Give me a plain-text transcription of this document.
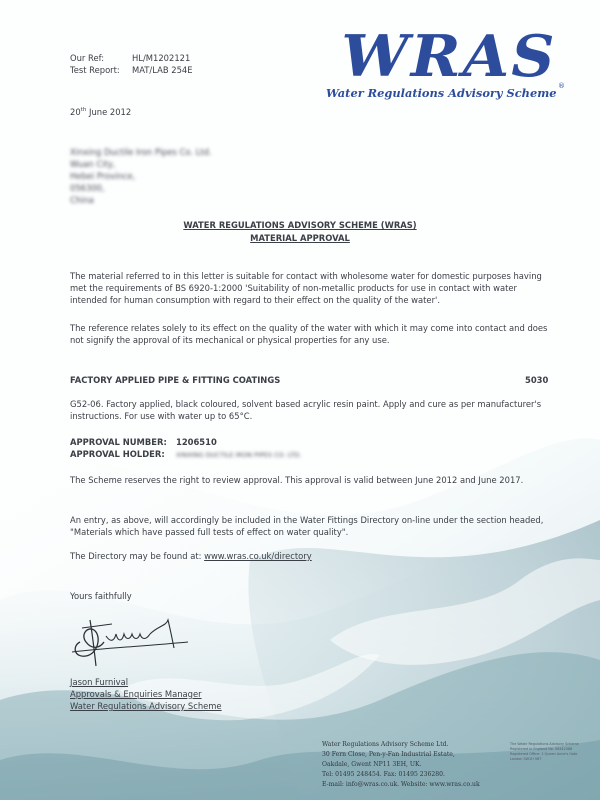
Our Ref:	HL/M1202121
Test Report: MAT/LAB 254E
20th June 2012
WRAS ®
Water Regulations Advisory Scheme
Xinxing Ductile Iron Pipes Co. Ltd.
Wuan City,
Hebei Province,
056300,
China
WATER REGULATIONS ADVISORY SCHEME (WRAS)
MATERIAL APPROVAL
The material referred to in this letter is suitable for contact with wholesome water for domestic purposes having met the requirements of BS 6920-1:2000 'Suitability of non-metallic products for use in contact with water intended for human consumption with regard to their effect on the quality of the water'.
The reference relates solely to its effect on the quality of the water with which it may come into contact and does not signify the approval of its mechanical or physical properties for any use.
FACTORY APPLIED PIPE & FITTING COATINGS	5030
G52-06. Factory applied, black coloured, solvent based acrylic resin paint. Apply and cure as per manufacturer's instructions. For use with water up to 65°C.
APPROVAL NUMBER: 1206510
APPROVAL HOLDER: XINXING DUCTILE IRON PIPES CO. LTD.
The Scheme reserves the right to review approval. This approval is valid between June 2012 and June 2017.
An entry, as above, will accordingly be included in the Water Fittings Directory on-line under the section headed, "Materials which have passed full tests of effect on water quality".
The Directory may be found at: www.wras.co.uk/directory
Yours faithfully
Jason Furnival
Approvals & Enquiries Manager
Water Regulations Advisory Scheme
Water Regulations Advisory Scheme Ltd.
30 Fern Close, Pen-y-Fan Industrial Estate,
Oakdale, Gwent NP11 3EH, UK.
Tel: 01495 248454. Fax: 01495 236280.
E-mail: info@wras.co.uk. Website: www.wras.co.uk
The Water Regulations Advisory Scheme
Registered in England No. 06442088
Registered Office: 1 Queen Anne's Gate
London SW1H 9BT
